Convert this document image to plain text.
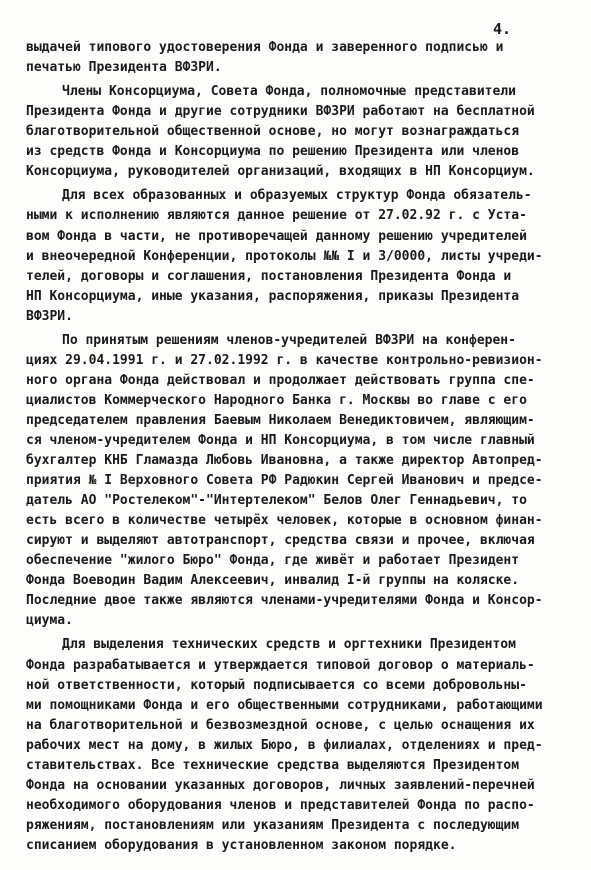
4.
выдачей типового удостоверения Фонда и заверенного подписью и
печатью Президента ВФЗРИ.
Члены Консорциума, Совета Фонда, полномочные представители
Президента Фонда и другие сотрудники ВФЗРИ работают на бесплатной
благотворительной общественной основе, но могут вознаграждаться
из средств Фонда и Консорциума по решению Президента или членов
Консорциума, руководителей организаций, входящих в НП Консорциум.
Для всех образованных и образуемых структур Фонда обязатель-
ными к исполнению являются данное решение от 27.02.92 г. с Уста-
вом Фонда в части, не противоречащей данному решению учредителей
и внеочередной Конференции, протоколы №№ I и 3/0000, листы учреди-
телей, договоры и соглашения, постановления Президента Фонда и
НП Консорциума, иные указания, распоряжения, приказы Президента
ВФЗРИ.
По принятым решениям членов-учредителей ВФЗРИ на конферен-
циях 29.04.1991 г. и 27.02.1992 г. в качестве контрольно-ревизион-
ного органа Фонда действовал и продолжает действовать группа спе-
циалистов Коммерческого Народного Банка г. Москвы во главе с его
председателем правления Баевым Николаем Венедиктовичем, являющим-
ся членом-учредителем Фонда и НП Консорциума, в том числе главный
бухгалтер КНБ Гламазда Любовь Ивановна, а также директор Автопред-
приятия № I Верховного Совета РФ Радюкин Сергей Иванович и предсе-
датель АО "Ростелеком"-"Интертелеком" Белов Олег Геннадьевич, то
есть всего в количестве четырёх человек, которые в основном финан-
сируют и выделяют автотранспорт, средства связи и прочее, включая
обеспечение "жилого Бюро" Фонда, где живёт и работает Президент
Фонда Воеводин Вадим Алексеевич, инвалид I-й группы на коляске.
Последние двое также являются членами-учредителями Фонда и Консор-
циума.
Для выделения технических средств и оргтехники Президентом
Фонда разрабатывается и утверждается типовой договор о материаль-
ной ответственности, который подписывается со всеми добровольны-
ми помощниками Фонда и его общественными сотрудниками, работающими
на благотворительной и безвозмездной основе, с целью оснащения их
рабочих мест на дому, в жилых Бюро, в филиалах, отделениях и пред-
ставительствах. Все технические средства выделяются Президентом
Фонда на основании указанных договоров, личных заявлений-перечней
необходимого оборудования членов и представителей Фонда по распо-
ряжениям, постановлениям или указаниям Президента с последующим
списанием оборудования в установленном законом порядке.
